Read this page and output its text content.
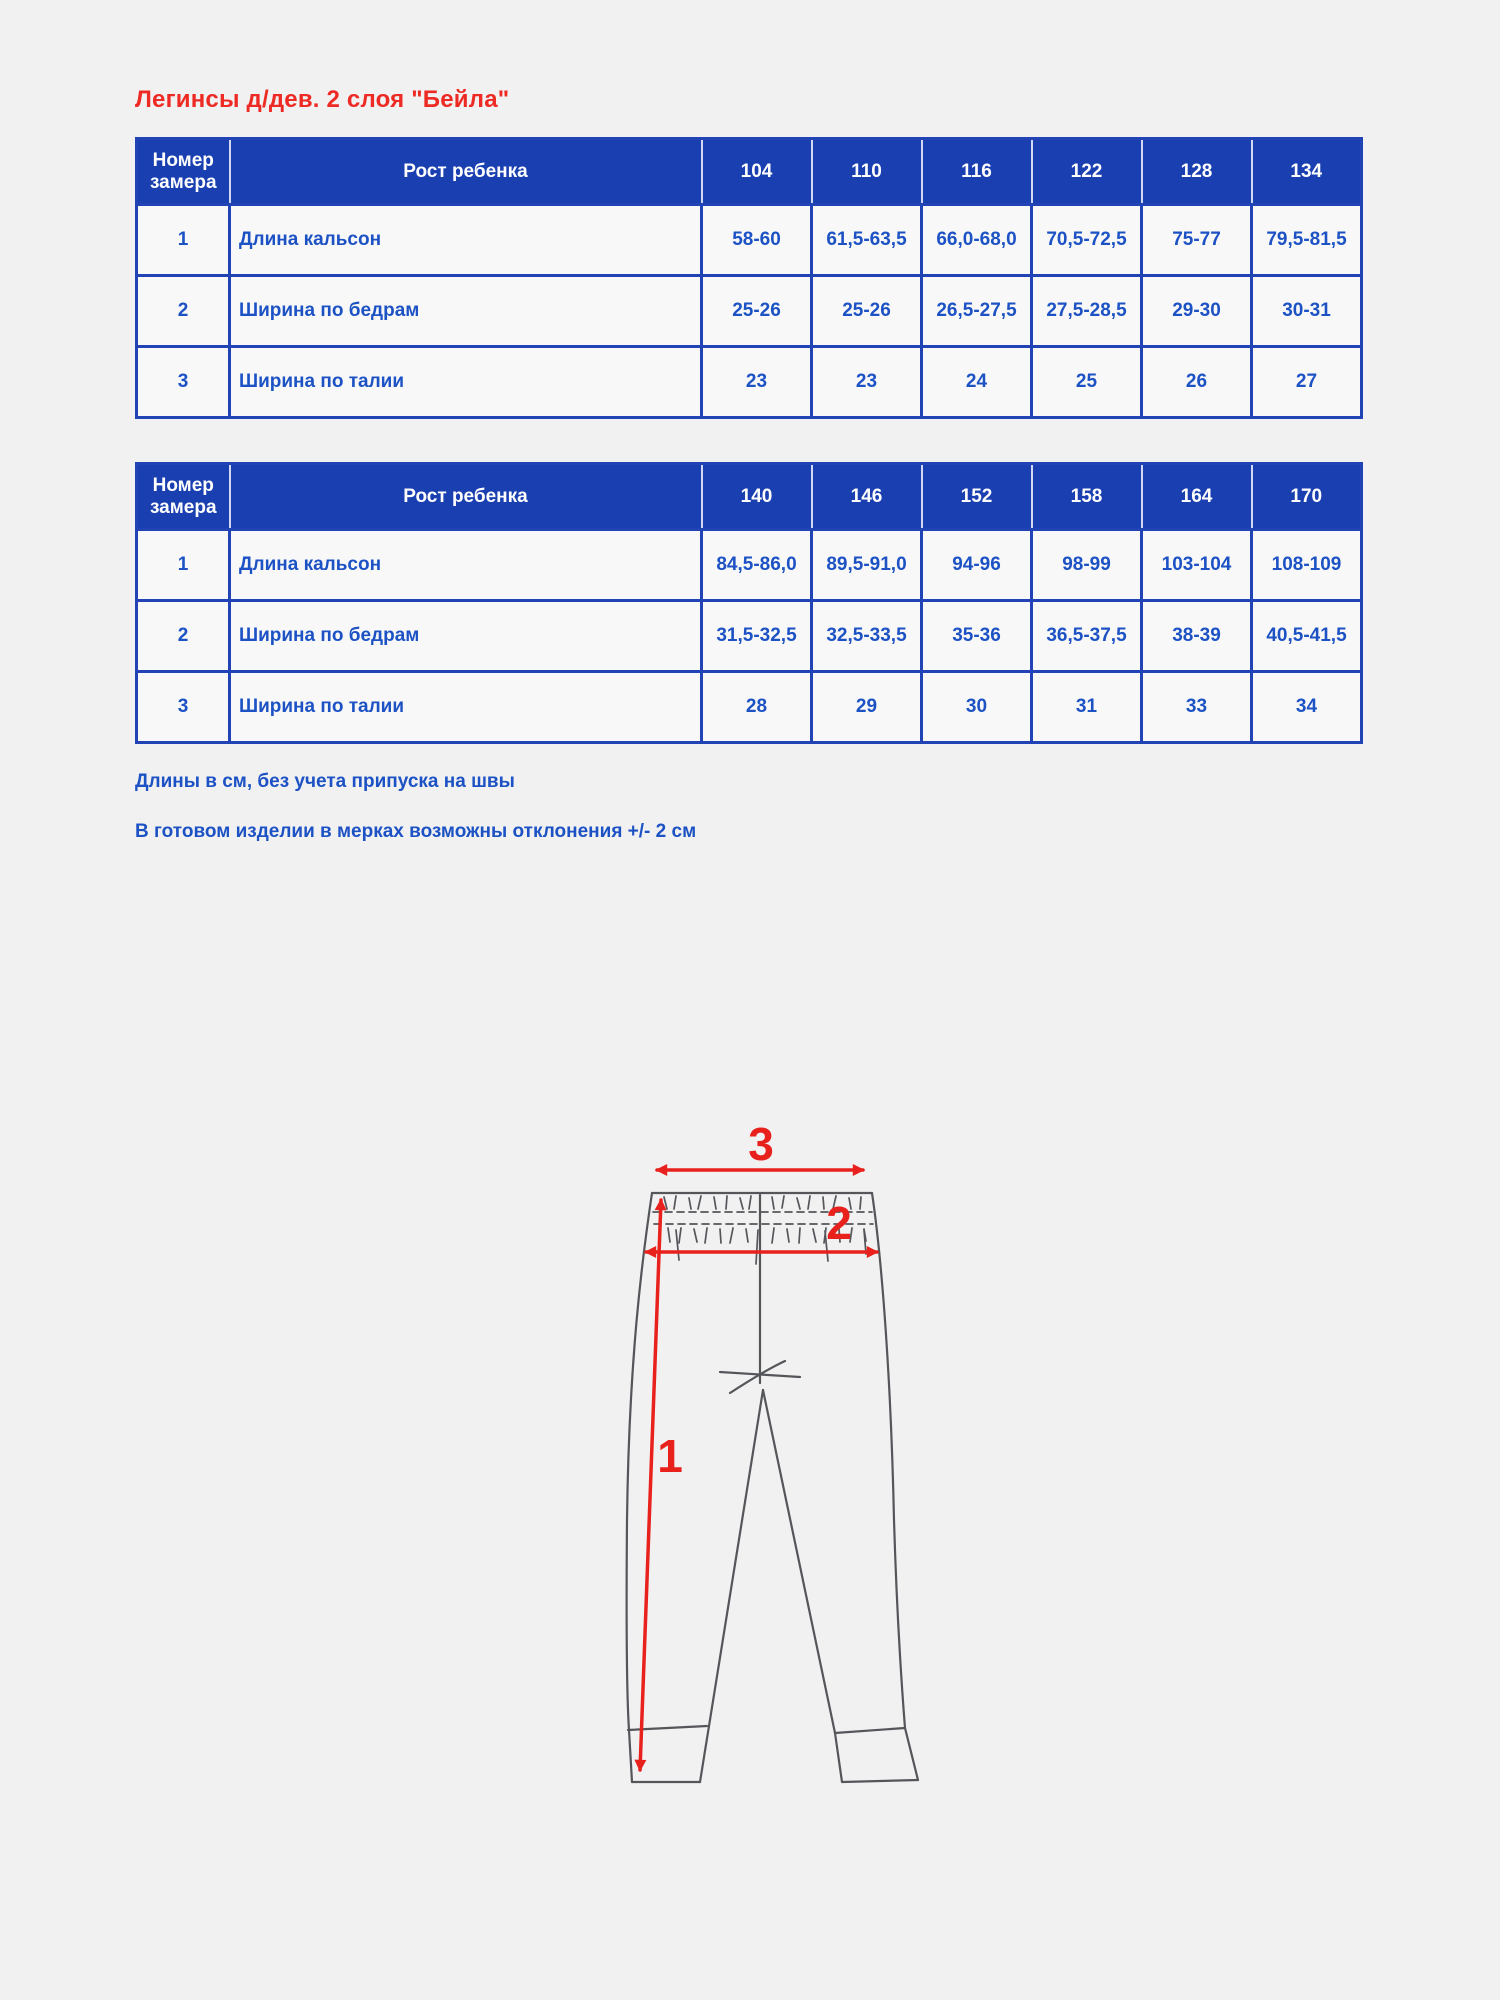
Легинсы д/дев. 2 слоя "Бейла"
Номер замера	Рост ребенка	104	110	116	122	128	134
1	Длина кальсон	58-60	61,5-63,5	66,0-68,0	70,5-72,5	75-77	79,5-81,5
2	Ширина по бедрам	25-26	25-26	26,5-27,5	27,5-28,5	29-30	30-31
3	Ширина по талии	23	23	24	25	26	27
Номер замера	Рост ребенка	140	146	152	158	164	170
1	Длина кальсон	84,5-86,0	89,5-91,0	94-96	98-99	103-104	108-109
2	Ширина по бедрам	31,5-32,5	32,5-33,5	35-36	36,5-37,5	38-39	40,5-41,5
3	Ширина по талии	28	29	30	31	33	34

Длины в см, без учета припуска на швы

В готовом изделии в мерках возможны отклонения +/- 2 см

3
2
1
